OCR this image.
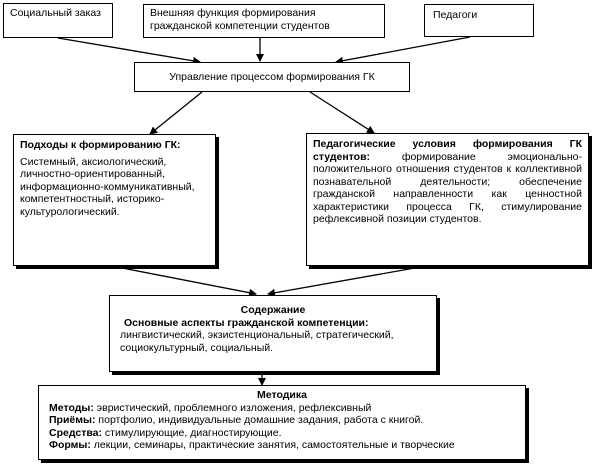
Социальный заказ	Внешняя функция формирования гражданской компетенции студентов
Педагоги
Управление процессом формирования ГК
Подходы к формированию ГК:
Системный, аксиологический, личностно-ориентированный, информационно-коммуникативный, компетентностный, историко-культурологический.
Педагогические условия формирования ГК студентов:	формирование эмоционально-положительного отношения студентов к коллективной познавательной деятельности; обеспечение гражданской направленности как ценностной характеристики процесса ГК, стимулирование рефлексивной позиции студентов.
Содержание
Основные аспекты гражданской компетенции:
лингвистический, экзистенциональный, стратегический, социокультурный, социальный.
Методика
Методы: эвристический, проблемного изложения, рефлексивный
Приёмы: портфолио, индивидуальные домашние задания, работа с книгой.
Средства: стимулирующие, диагностирующие.
Формы: лекции, семинары, практические занятия, самостоятельные и творческие
